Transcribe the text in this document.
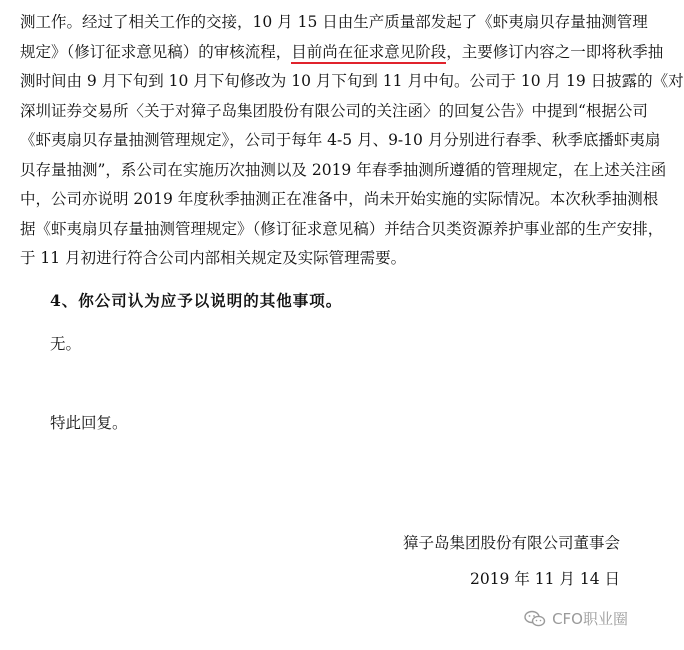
测工作。经过了相关工作的交接，10 月 15 日由生产质量部发起了《虾夷扇贝存量抽测管理
规定》（修订征求意见稿）的审核流程，目前尚在征求意见阶段，主要修订内容之一即将秋季抽
测时间由 9 月下旬到 10 月下旬修改为 10 月下旬到 11 月中旬。公司于 10 月 19 日披露的《对
深圳证券交易所〈关于对獐子岛集团股份有限公司的关注函〉的回复公告》中提到“根据公司
《虾夷扇贝存量抽测管理规定》，公司于每年 4-5 月、9-10 月分别进行春季、秋季底播虾夷扇
贝存量抽测”，系公司在实施历次抽测以及 2019 年春季抽测所遵循的管理规定，在上述关注函
中，公司亦说明 2019 年度秋季抽测正在准备中，尚未开始实施的实际情况。本次秋季抽测根
据《虾夷扇贝存量抽测管理规定》（修订征求意见稿）并结合贝类资源养护事业部的生产安排，
于 11 月初进行符合公司内部相关规定及实际管理需要。
4、你公司认为应予以说明的其他事项。
无。
特此回复。
獐子岛集团股份有限公司董事会
2019 年 11 月 14 日
CFO职业圈
